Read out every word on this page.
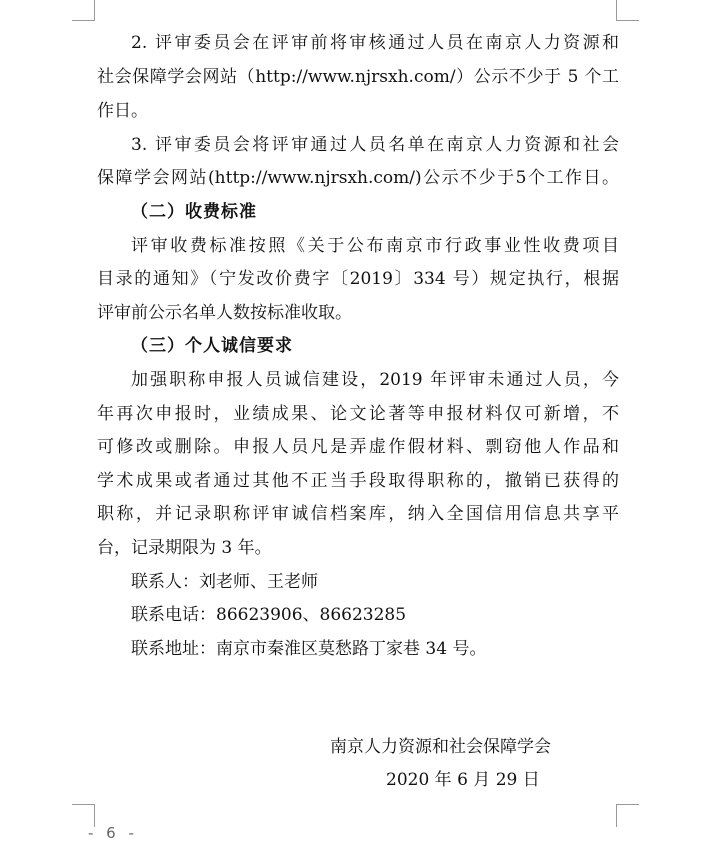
2. 评审委员会在评审前将审核通过人员在南京人力资源和
社会保障学会网站（http://www.njrsxh.com/）公示不少于 5 个工
作日。
3. 评审委员会将评审通过人员名单在南京人力资源和社会
保障学会网站(http://www.njrsxh.com/)公示不少于5个工作日。
（二）收费标准
评审收费标准按照《关于公布南京市行政事业性收费项目
目录的通知》（宁发改价费字〔2019〕334 号）规定执行，根据
评审前公示名单人数按标准收取。
（三）个人诚信要求
加强职称申报人员诚信建设，2019 年评审未通过人员，今
年再次申报时，业绩成果、论文论著等申报材料仅可新增，不
可修改或删除。申报人员凡是弄虚作假材料、剽窃他人作品和
学术成果或者通过其他不正当手段取得职称的，撤销已获得的
职称，并记录职称评审诚信档案库，纳入全国信用信息共享平
台，记录期限为 3 年。
联系人：刘老师、王老师
联系电话：86623906、86623285
联系地址：南京市秦淮区莫愁路丁家巷 34 号。
南京人力资源和社会保障学会
2020 年 6 月 29 日
- 6 -
